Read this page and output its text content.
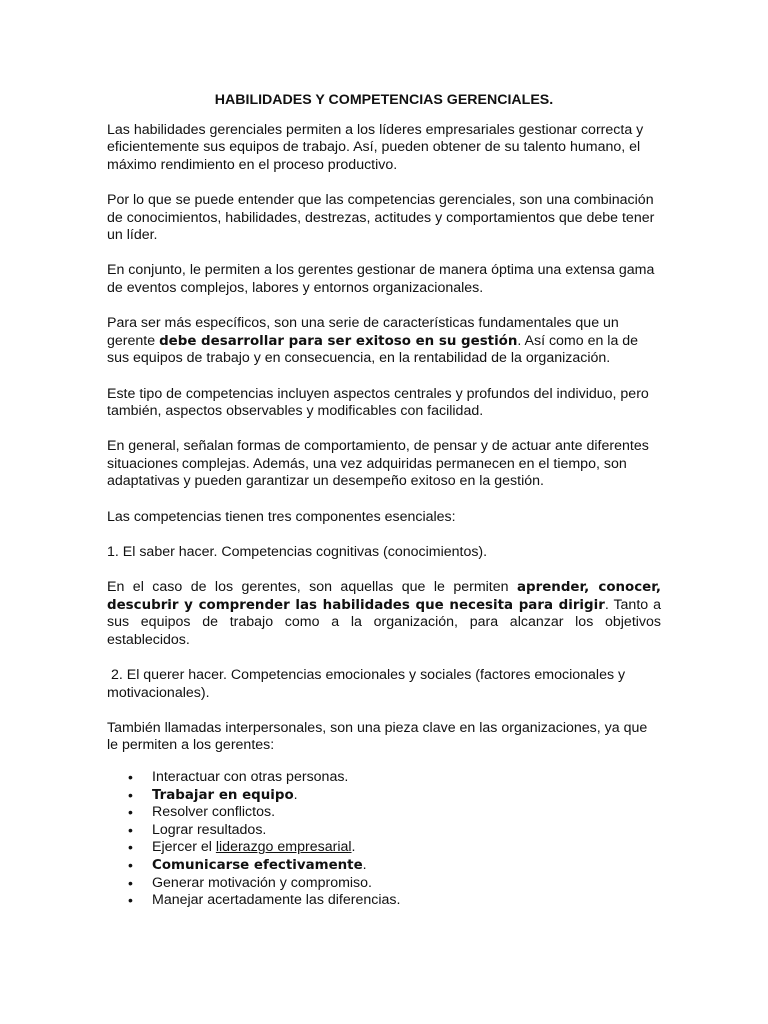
HABILIDADES Y COMPETENCIAS GERENCIALES.

Las habilidades gerenciales permiten a los líderes empresariales gestionar correcta y eficientemente sus equipos de trabajo. Así, pueden obtener de su talento humano, el máximo rendimiento en el proceso productivo.

Por lo que se puede entender que las competencias gerenciales, son una combinación de conocimientos, habilidades, destrezas, actitudes y comportamientos que debe tener un líder.

En conjunto, le permiten a los gerentes gestionar de manera óptima una extensa gama de eventos complejos, labores y entornos organizacionales.

Para ser más específicos, son una serie de características fundamentales que un gerente debe desarrollar para ser exitoso en su gestión. Así como en la de sus equipos de trabajo y en consecuencia, en la rentabilidad de la organización.

Este tipo de competencias incluyen aspectos centrales y profundos del individuo, pero también, aspectos observables y modificables con facilidad.

En general, señalan formas de comportamiento, de pensar y de actuar ante diferentes situaciones complejas. Además, una vez adquiridas permanecen en el tiempo, son adaptativas y pueden garantizar un desempeño exitoso en la gestión.

Las competencias tienen tres componentes esenciales:

1. El saber hacer. Competencias cognitivas (conocimientos).

En el caso de los gerentes, son aquellas que le permiten aprender, conocer, descubrir y comprender las habilidades que necesita para dirigir. Tanto a sus equipos de trabajo como a la organización, para alcanzar los objetivos establecidos.

2. El querer hacer. Competencias emocionales y sociales (factores emocionales y motivacionales).

También llamadas interpersonales, son una pieza clave en las organizaciones, ya que le permiten a los gerentes:

• Interactuar con otras personas.
• Trabajar en equipo.
• Resolver conflictos.
• Lograr resultados.
• Ejercer el liderazgo empresarial.
• Comunicarse efectivamente.
• Generar motivación y compromiso.
• Manejar acertadamente las diferencias.
